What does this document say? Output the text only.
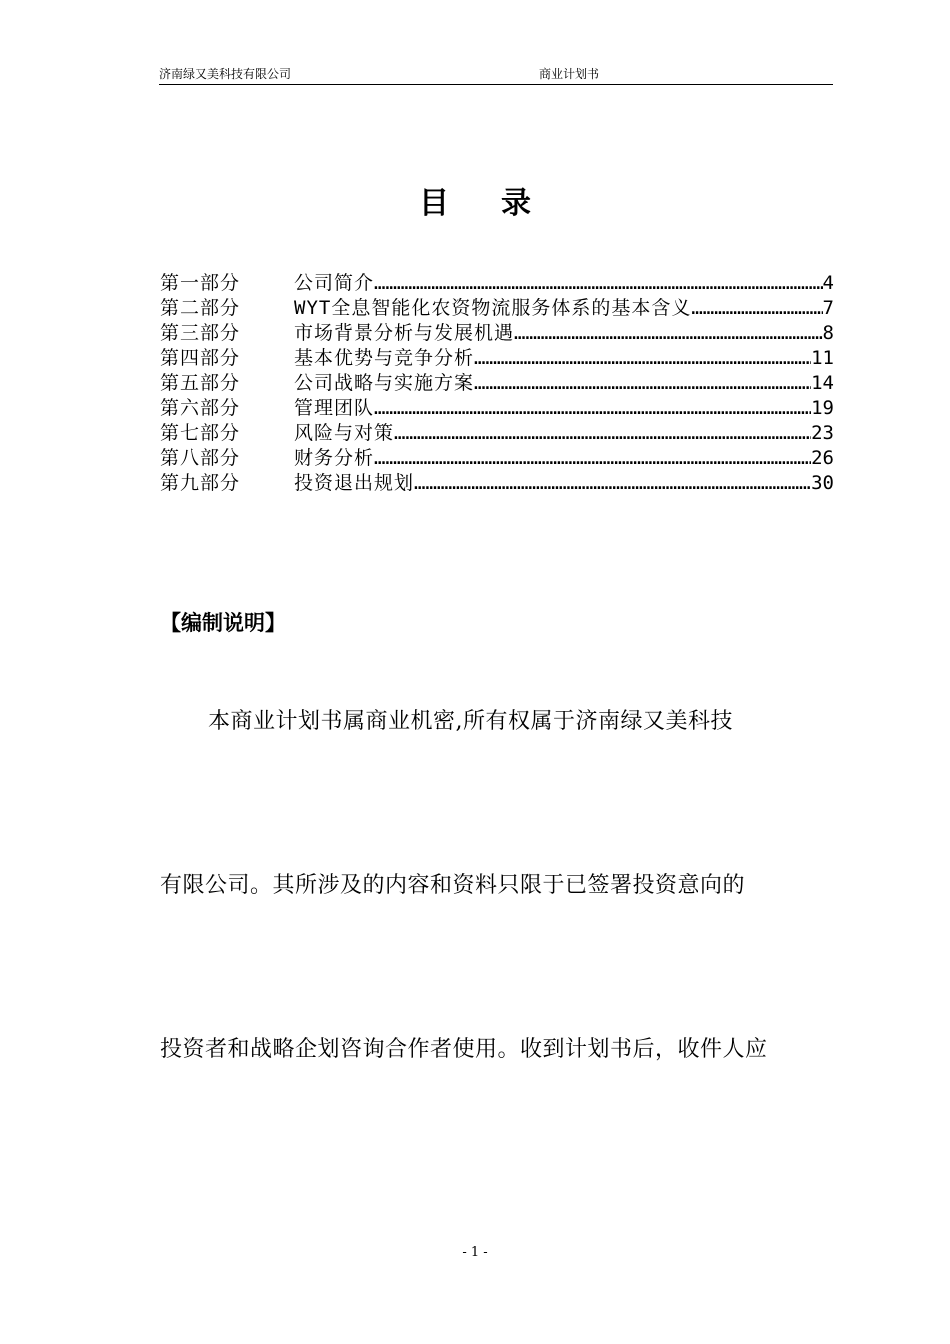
济南绿又美科技有限公司	商业计划书
目录
第一部分	公司简介 ……………………………………………………………………………………………………………………………	4
第二部分	WYT全息智能化农资物流服务体系的基本含义 ……………………………………………………………………………………………………………………………	7
第三部分	市场背景分析与发展机遇 ……………………………………………………………………………………………………………………………	8
第四部分	基本优势与竞争分析 ……………………………………………………………………………………………………………………………	11
第五部分	公司战略与实施方案 ……………………………………………………………………………………………………………………………	14
第六部分	管理团队 ……………………………………………………………………………………………………………………………	19
第七部分	风险与对策 ……………………………………………………………………………………………………………………………	23
第八部分	财务分析 ……………………………………………………………………………………………………………………………	26
第九部分	投资退出规划 ……………………………………………………………………………………………………………………………	30
【编制说明】
本商业计划书属商业机密,所有权属于济南绿又美科技
有限公司。其所涉及的内容和资料只限于已签署投资意向的
投资者和战略企划咨询合作者使用。收到计划书后，收件人应
- 1 -
